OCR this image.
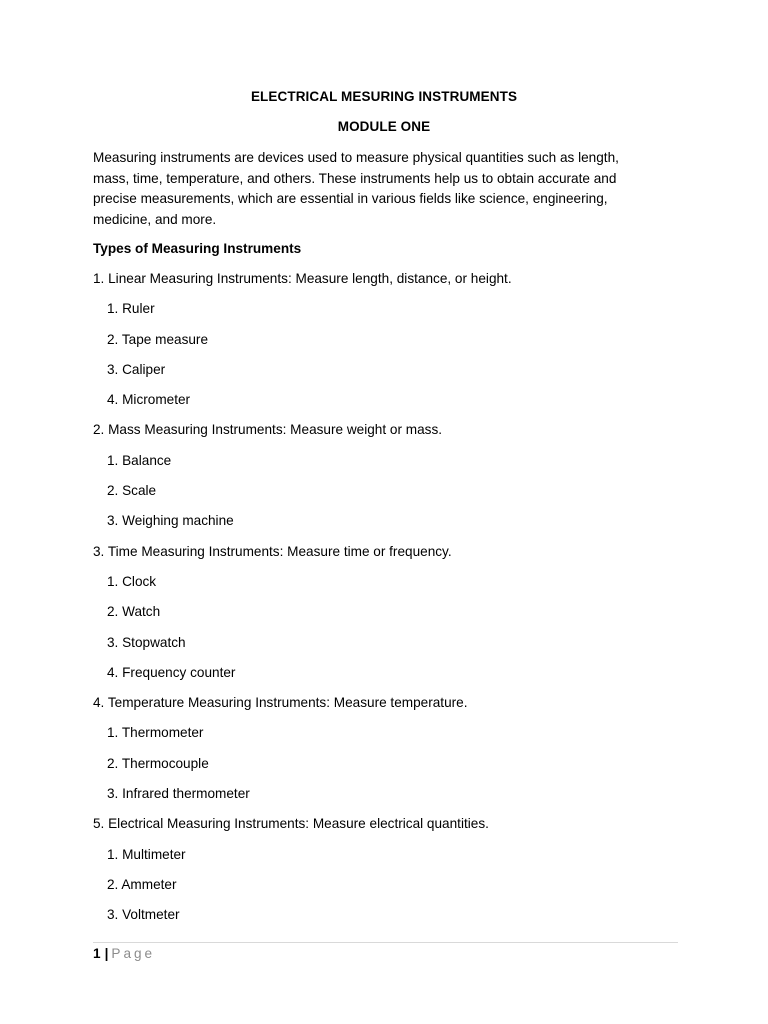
ELECTRICAL MESURING INSTRUMENTS
MODULE ONE

Measuring instruments are devices used to measure physical quantities such as length, mass, time, temperature, and others. These instruments help us to obtain accurate and precise measurements, which are essential in various fields like science, engineering, medicine, and more.

Types of Measuring Instruments
1. Linear Measuring Instruments: Measure length, distance, or height.
1. Ruler
2. Tape measure
3. Caliper
4. Micrometer
2. Mass Measuring Instruments: Measure weight or mass.
1. Balance
2. Scale
3. Weighing machine
3. Time Measuring Instruments: Measure time or frequency.
1. Clock
2. Watch
3. Stopwatch
4. Frequency counter
4. Temperature Measuring Instruments: Measure temperature.
1. Thermometer
2. Thermocouple
3. Infrared thermometer
5. Electrical Measuring Instruments: Measure electrical quantities.
1. Multimeter
2. Ammeter
3. Voltmeter
1 | Page
